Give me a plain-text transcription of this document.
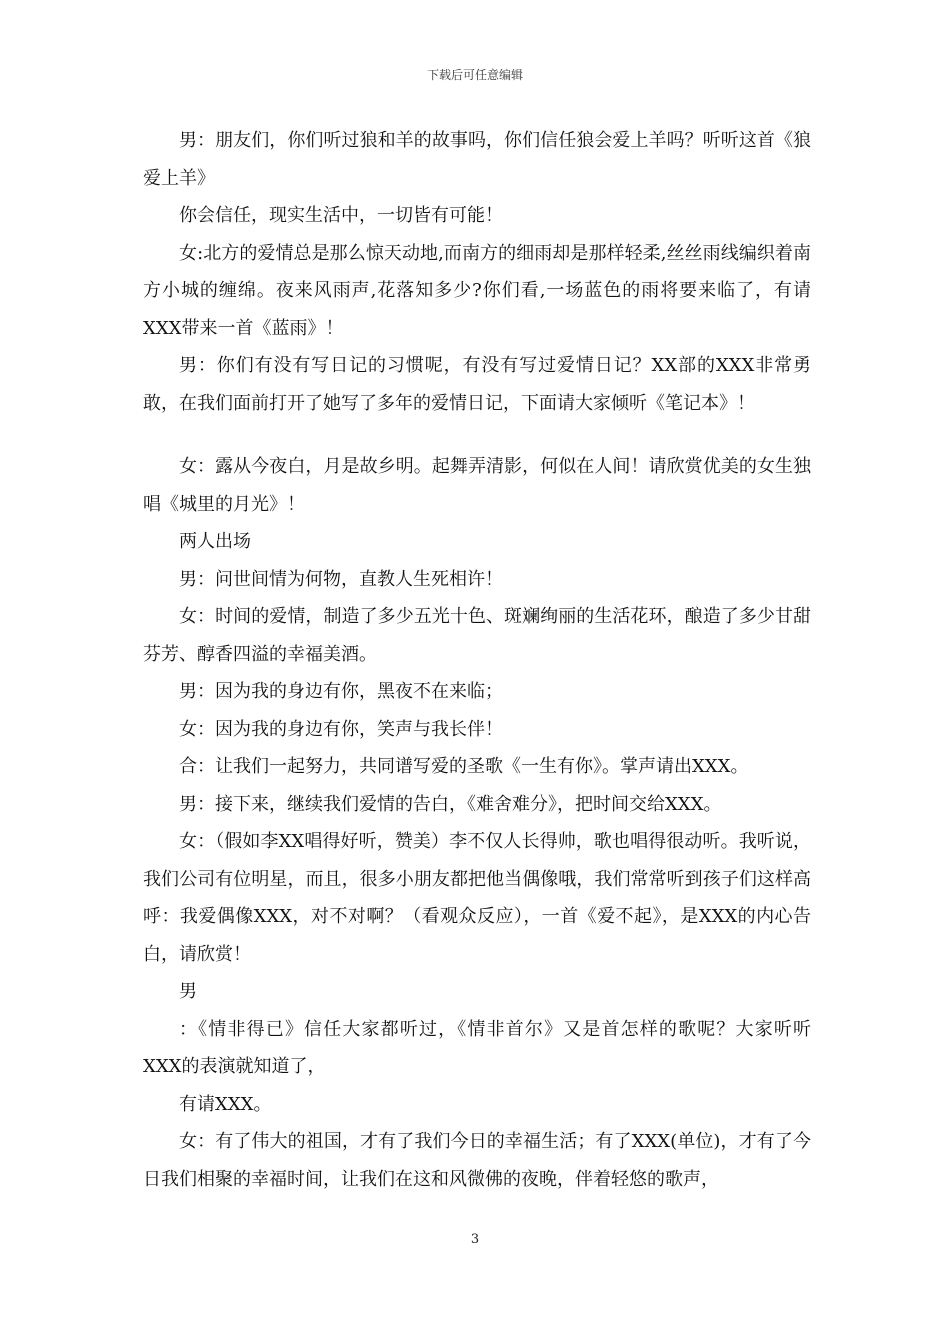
下载后可任意编辑

男：朋友们，你们听过狼和羊的故事吗，你们信任狼会爱上羊吗？听听这首《狼爱上羊》

你会信任，现实生活中，一切皆有可能！

女:北方的爱情总是那么惊天动地,而南方的细雨却是那样轻柔,丝丝雨线编织着南方小城的缠绵。夜来风雨声,花落知多少?你们看,一场蓝色的雨将要来临了，有请XXX带来一首《蓝雨》！

男：你们有没有写日记的习惯呢，有没有写过爱情日记？XX部的XXX非常勇敢，在我们面前打开了她写了多年的爱情日记，下面请大家倾听《笔记本》！

女：露从今夜白，月是故乡明。起舞弄清影，何似在人间！请欣赏优美的女生独唱《城里的月光》！

两人出场

男：问世间情为何物，直教人生死相许！

女：时间的爱情，制造了多少五光十色、斑斓绚丽的生活花环，酿造了多少甘甜芬芳、醇香四溢的幸福美酒。

男：因为我的身边有你，黑夜不在来临；

女：因为我的身边有你，笑声与我长伴！

合：让我们一起努力，共同谱写爱的圣歌《一生有你》。掌声请出XXX。

男：接下来，继续我们爱情的告白，《难舍难分》，把时间交给XXX。

女：（假如李XX唱得好听，赞美）李不仅人长得帅，歌也唱得很动听。我听说，我们公司有位明星，而且，很多小朋友都把他当偶像哦，我们常常听到孩子们这样高呼：我爱偶像XXX，对不对啊？（看观众反应），一首《爱不起》，是XXX的内心告白，请欣赏！

男

：《情非得已》信任大家都听过，《情非首尔》又是首怎样的歌呢？大家听听XXX的表演就知道了，

有请XXX。

女：有了伟大的祖国，才有了我们今日的幸福生活；有了XXX(单位)，才有了今日我们相聚的幸福时间，让我们在这和风微佛的夜晚，伴着轻悠的歌声，

3
